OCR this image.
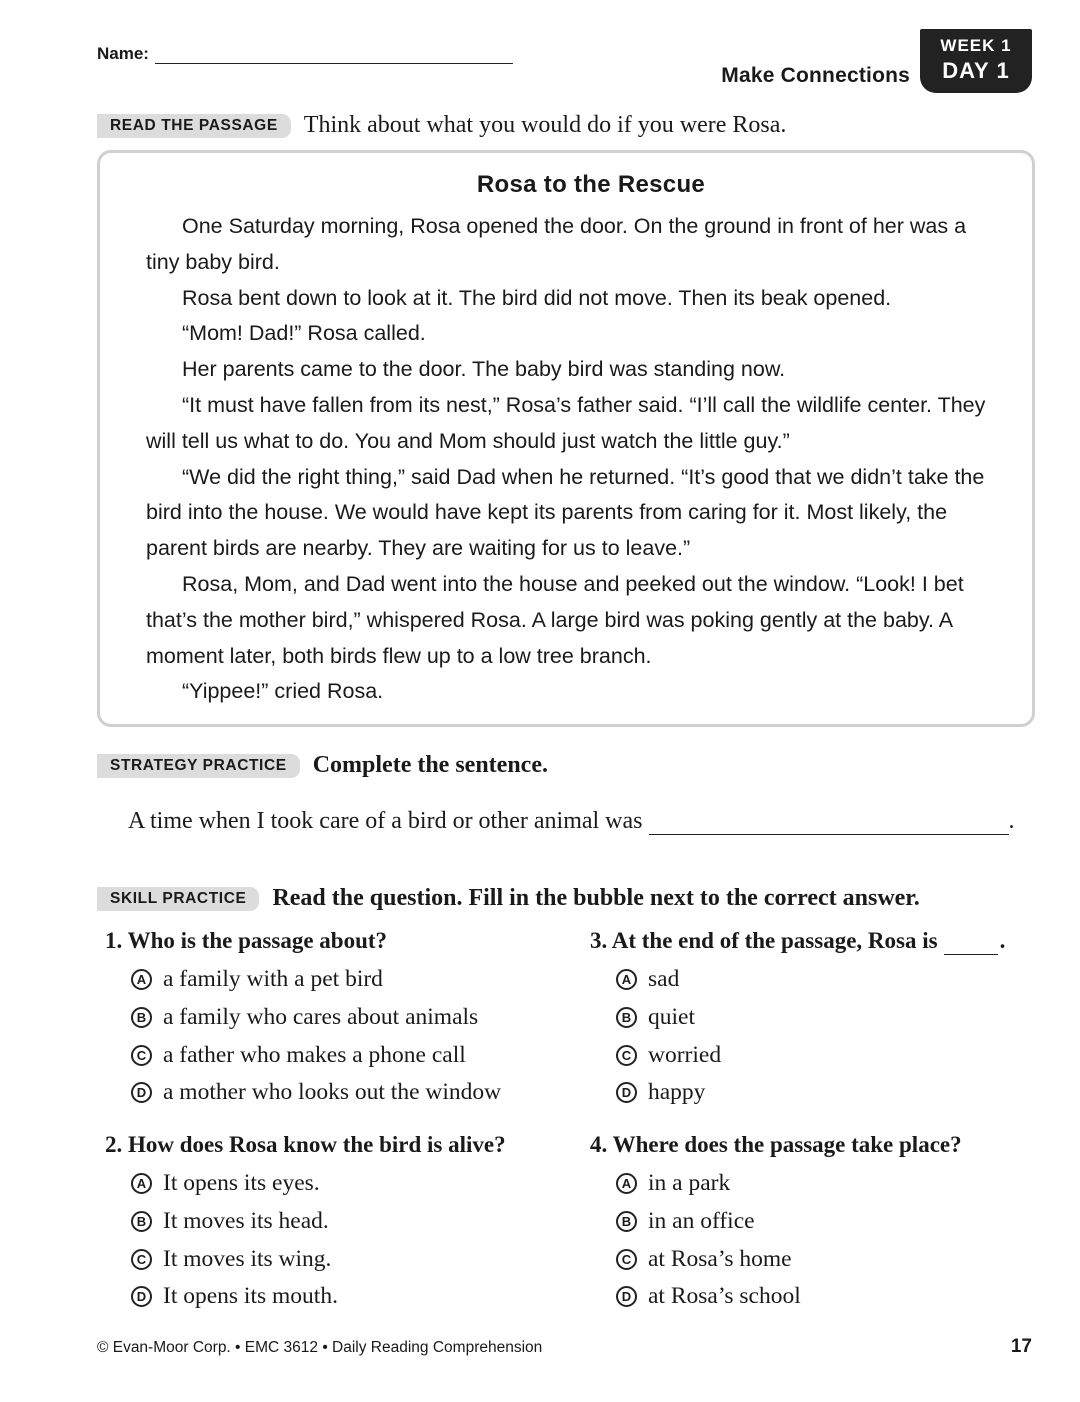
Name:
Make Connections
WEEK 1
DAY 1
READ THE PASSAGE	Think about what you would do if you were Rosa.
Rosa to the Rescue

One Saturday morning, Rosa opened the door. On the ground in front of her was a tiny baby bird.

Rosa bent down to look at it. The bird did not move. Then its beak opened.

“Mom! Dad!” Rosa called.

Her parents came to the door. The baby bird was standing now.

“It must have fallen from its nest,” Rosa’s father said. “I’ll call the wildlife center. They will tell us what to do. You and Mom should just watch the little guy.”

“We did the right thing,” said Dad when he returned. “It’s good that we didn’t take the bird into the house. We would have kept its parents from caring for it. Most likely, the parent birds are nearby. They are waiting for us to leave.”

Rosa, Mom, and Dad went into the house and peeked out the window. “Look! I bet that’s the mother bird,” whispered Rosa. A large bird was poking gently at the baby. A moment later, both birds flew up to a low tree branch.

“Yippee!” cried Rosa.

STRATEGY PRACTICE	Complete the sentence.
A time when I took care of a bird or other animal was	.
SKILL PRACTICE	Read the question. Fill in the bubble next to the correct answer.
1. Who is the passage about?
A a family with a pet bird
B a family who cares about animals
C a father who makes a phone call
D a mother who looks out the window
2. How does Rosa know the bird is alive?
A It opens its eyes.
B It moves its head.
C It moves its wing.
D It opens its mouth.
3. At the end of the passage, Rosa is	.
A sad
B quiet
C worried
D happy
4. Where does the passage take place?
A in a park
B in an office
C at Rosa’s home
D at Rosa’s school
© Evan-Moor Corp. • EMC 3612 • Daily Reading Comprehension	17
